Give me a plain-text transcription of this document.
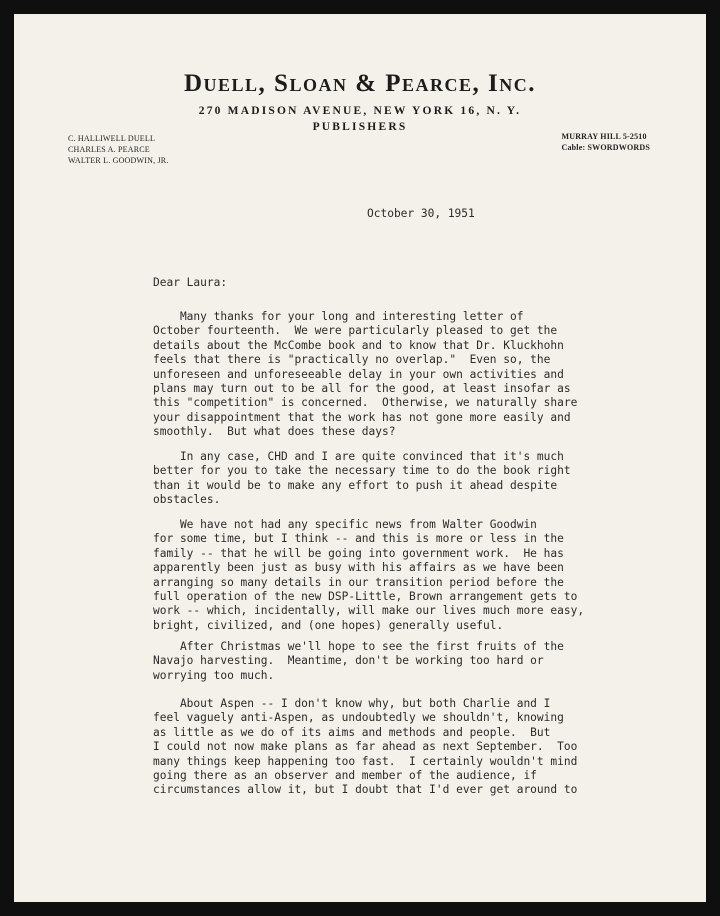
Duell, Sloan & Pearce, Inc.
270 MADISON AVENUE, NEW YORK 16, N. Y.
PUBLISHERS
C. HALLIWELL DUELL
CHARLES A. PEARCE
WALTER L. GOODWIN, JR.
MURRAY HILL 5-2510
Cable: SWORDWORDS
October 30, 1951
Dear Laura:
Many thanks for your long and interesting letter of
October fourteenth.  We were particularly pleased to get the
details about the McCombe book and to know that Dr. Kluckhohn
feels that there is "practically no overlap."  Even so, the
unforeseen and unforeseeable delay in your own activities and
plans may turn out to be all for the good, at least insofar as
this "competition" is concerned.  Otherwise, we naturally share
your disappointment that the work has not gone more easily and
smoothly.  But what does these days?
In any case, CHD and I are quite convinced that it's much
better for you to take the necessary time to do the book right
than it would be to make any effort to push it ahead despite
obstacles.
We have not had any specific news from Walter Goodwin
for some time, but I think -- and this is more or less in the
family -- that he will be going into government work.  He has
apparently been just as busy with his affairs as we have been
arranging so many details in our transition period before the
full operation of the new DSP-Little, Brown arrangement gets to
work -- which, incidentally, will make our lives much more easy,
bright, civilized, and (one hopes) generally useful.
After Christmas we'll hope to see the first fruits of the
Navajo harvesting.  Meantime, don't be working too hard or
worrying too much.
About Aspen -- I don't know why, but both Charlie and I
feel vaguely anti-Aspen, as undoubtedly we shouldn't, knowing
as little as we do of its aims and methods and people.  But
I could not now make plans as far ahead as next September.  Too
many things keep happening too fast.  I certainly wouldn't mind
going there as an observer and member of the audience, if
circumstances allow it, but I doubt that I'd ever get around to
